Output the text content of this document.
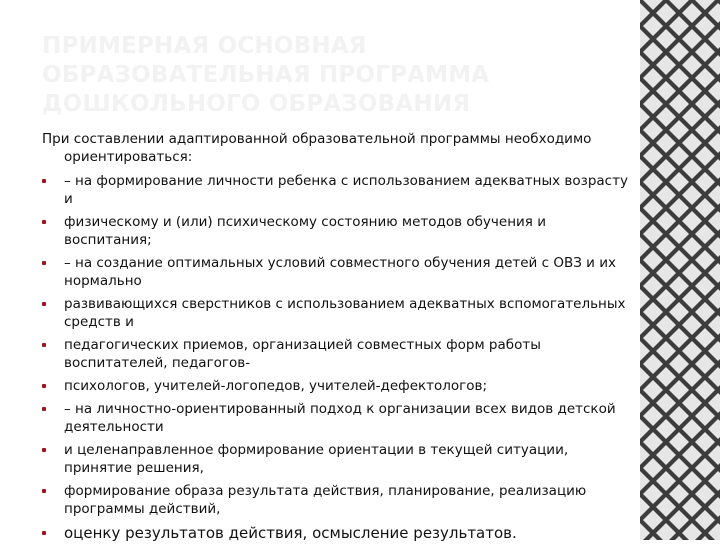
ПРИМЕРНАЯ ОСНОВНАЯ
ОБРАЗОВАТЕЛЬНАЯ ПРОГРАММА
ДОШКОЛЬНОГО ОБРАЗОВАНИЯ

При составлении адаптированной образовательной программы необходимо ориентироваться:

– на формирование личности ребенка с использованием адекватных возрасту и
физическому и (или) психическому состоянию методов обучения и воспитания;
– на создание оптимальных условий совместного обучения детей с ОВЗ и их нормально
развивающихся сверстников с использованием адекватных вспомогательных средств и
педагогических приемов, организацией совместных форм работы воспитателей, педагогов-
психологов, учителей-логопедов, учителей-дефектологов;
– на личностно-ориентированный подход к организации всех видов детской деятельности
и целенаправленное формирование ориентации в текущей ситуации, принятие решения,
формирование образа результата действия, планирование, реализацию программы действий,
оценку результатов действия, осмысление результатов.
